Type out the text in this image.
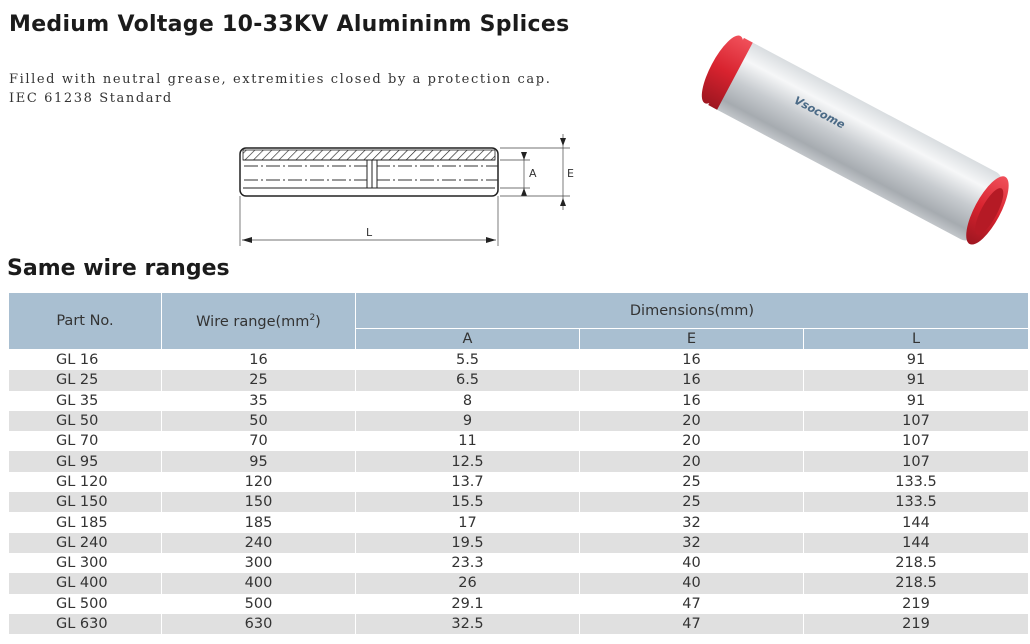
Medium Voltage 10-33KV Alumininm Splices
Filled with neutral grease, extremities closed by a protection cap.
IEC 61238 Standard
A	E
L
Vsocome
Same wire ranges
Part No.	Wire $range(mm^2)$	Dimensions(mm)		
		A	E	L
GL 16	16	5.5	16	91
GL 25	25	6.5	16	91
GL 35	35	8	16	91
GL 50	50	9	20	107
GL 70	70	11	20	107
GL 95	95	12.5	20	107
GL 120	120	13.7	25	133.5
GL 150	150	15.5	25	133.5
GL 185	185	17	32	144
GL 240	240	19.5	32	144
GL 300	300	23.3	40	218.5
GL 400	400	26	40	218.5
GL 500	500	29.1	47	219
GL 630	630	32.5	47	219
